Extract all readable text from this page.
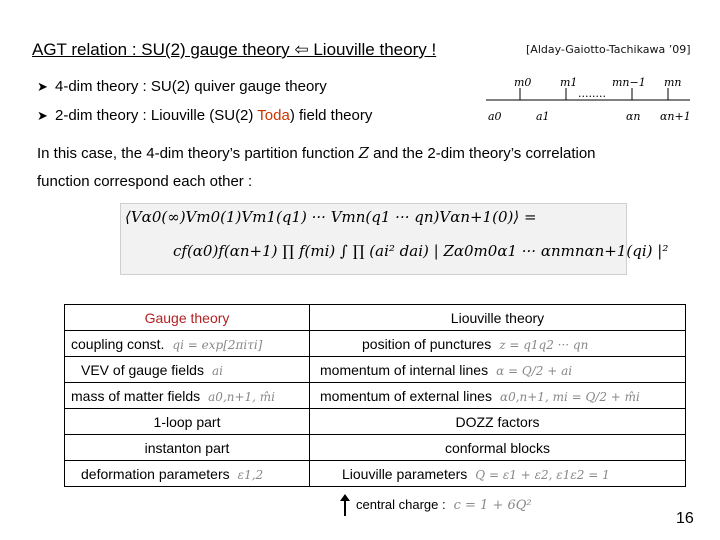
AGT relation : SU(2) gauge theory ⇦ Liouville theory !	[Alday-Gaiotto-Tachikawa ’09]
➤ 4-dim theory : SU(2) quiver gauge theory
➤ 2-dim theory : Liouville (SU(2) Toda) field theory
m0	m1	mn−1 mn
········
a0	a1	αn αn+1
In this case, the 4-dim theory’s partition function Z and the 2-dim theory’s correlation
function correspond each other :
⟨Vα0(∞)Vm0(1)Vm1(q1) ··· Vmn(q1 ··· qn)Vαn+1(0)⟩ =
cf(α0)f(αn+1) ∏ f(mi) ∫ ∏ (ai² dai) | Zα0m0α1 ··· αnmnαn+1(qi) |²
Gauge theory	Liouville theory
coupling const. qi = exp[2πiτi]	position of punctures z = q1q2 ··· qn
VEV of gauge fields ai	momentum of internal lines α = Q/2 + ai
mass of matter fields a0,n+1, m̂i	momentum of external lines α0,n+1, mi = Q/2 + m̂i
1-loop part	DOZZ factors
instanton part	conformal blocks
deformation parameters ε1,2	Liouville parameters Q = ε1 + ε2, ε1ε2 = 1
central charge : c = 1 + 6Q²
16
